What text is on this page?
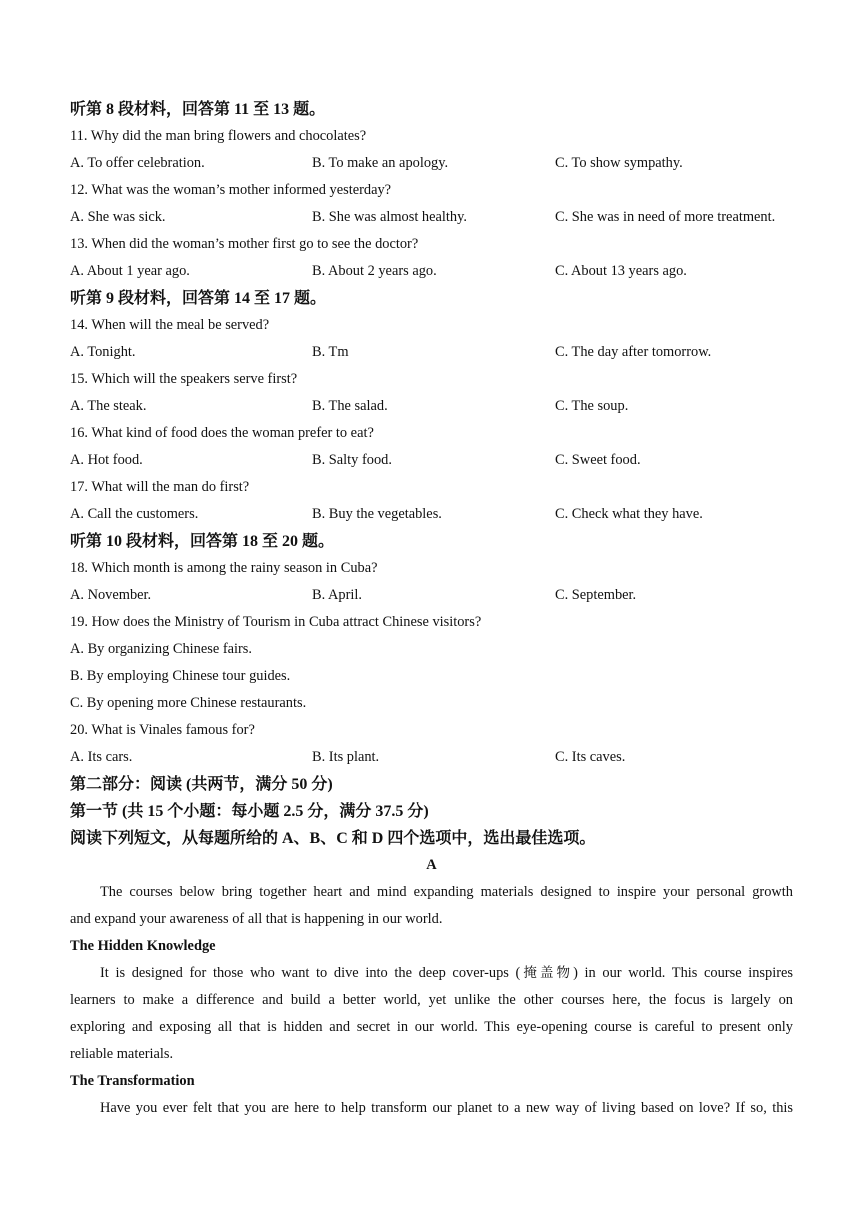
听第 8 段材料，回答第 11 至 13 题。
11. Why did the man bring flowers and chocolates?
A. To offer celebration.	B. To make an apology.	C. To show sympathy.
12. What was the woman’s mother informed yesterday?
A. She was sick.	B. She was almost healthy.	C. She was in need of more treatment.
13. When did the woman’s mother first go to see the doctor?
A. About 1 year ago.	B. About 2 years ago.	C. About 13 years ago.
听第 9 段材料，回答第 14 至 17 题。
14. When will the meal be served?
A. Tonight.	B. Tm	C. The day after tomorrow.
15. Which will the speakers serve first?
A. The steak.	B. The salad.	C. The soup.
16. What kind of food does the woman prefer to eat?
A. Hot food.	B. Salty food.	C. Sweet food.
17. What will the man do first?
A. Call the customers.	B. Buy the vegetables.	C. Check what they have.
听第 10 段材料，回答第 18 至 20 题。
18. Which month is among the rainy season in Cuba?
A. November.	B. April.	C. September.
19. How does the Ministry of Tourism in Cuba attract Chinese visitors?
A. By organizing Chinese fairs.
B. By employing Chinese tour guides.
C. By opening more Chinese restaurants.
20. What is Vinales famous for?
A. Its cars.	B. Its plant.	C. Its caves.
第二部分：阅读 (共两节，满分 50 分)
第一节 (共 15 个小题：每小题 2.5 分，满分 37.5 分)
阅读下列短文，从每题所给的 A、B、C 和 D 四个选项中，选出最佳选项。
A
The courses below bring together heart and mind expanding materials designed to inspire your personal growth
and expand your awareness of all that is happening in our world.
The Hidden Knowledge
It is designed for those who want to dive into the deep cover-ups (掩盖物) in our world. This course inspires
learners to make a difference and build a better world, yet unlike the other courses here, the focus is largely on
exploring and exposing all that is hidden and secret in our world. This eye-opening course is careful to present only
reliable materials.
The Transformation
Have you ever felt that you are here to help transform our planet to a new way of living based on love? If so, this
